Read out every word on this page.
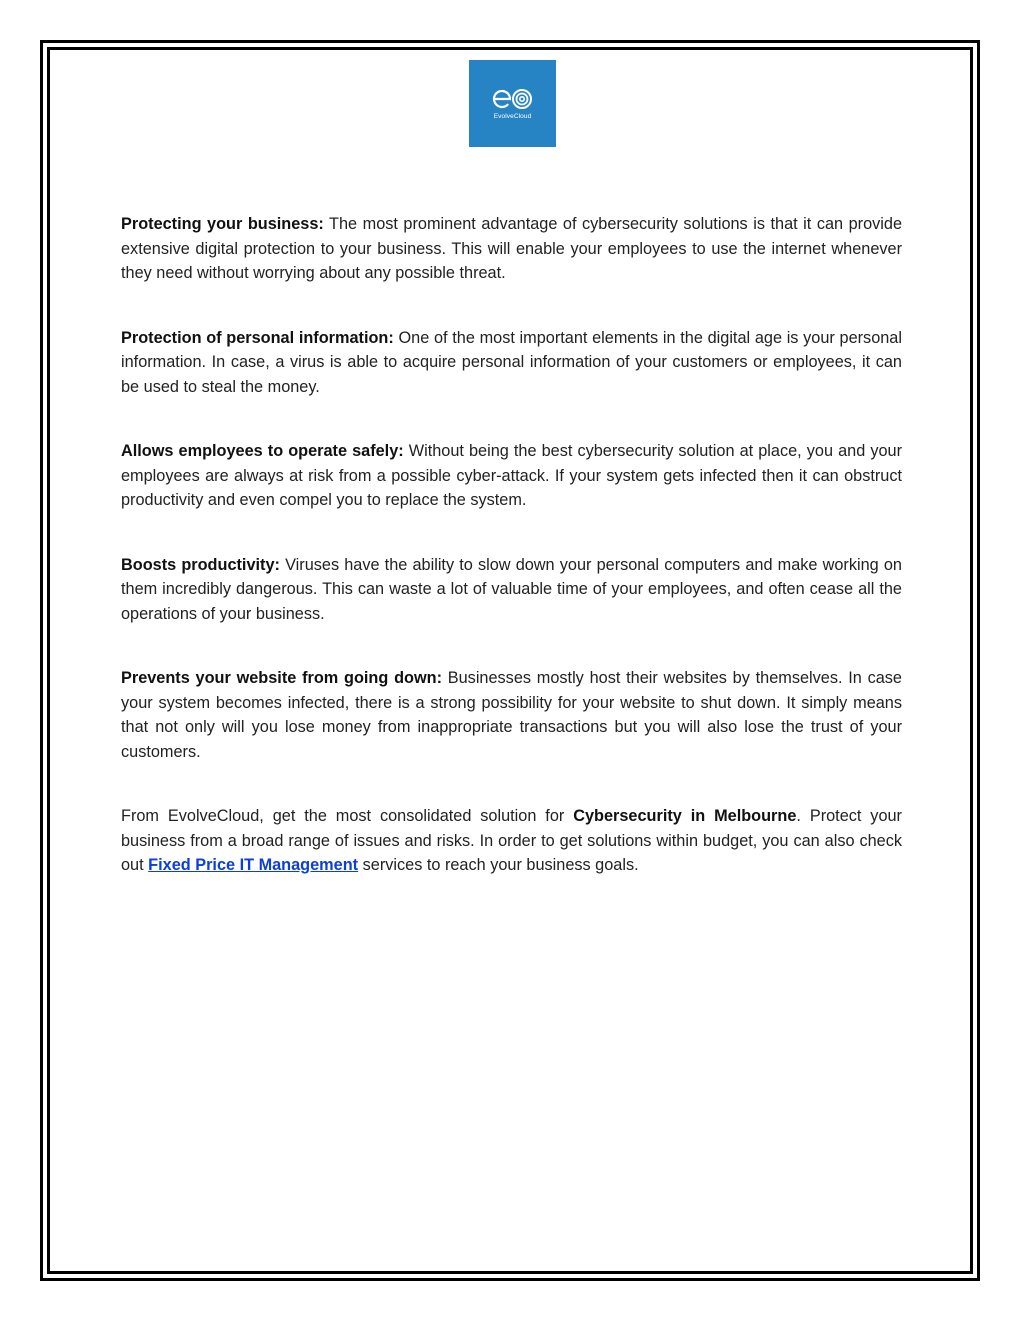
EvolveCloud

Protecting your business: The most prominent advantage of cybersecurity solutions is that it can provide extensive digital protection to your business. This will enable your employees to use the internet whenever they need without worrying about any possible threat.

Protection of personal information: One of the most important elements in the digital age is your personal information. In case, a virus is able to acquire personal information of your customers or employees, it can be used to steal the money.

Allows employees to operate safely: Without being the best cybersecurity solution at place, you and your employees are always at risk from a possible cyber-attack. If your system gets infected then it can obstruct productivity and even compel you to replace the system.

Boosts productivity: Viruses have the ability to slow down your personal computers and make working on them incredibly dangerous. This can waste a lot of valuable time of your employees, and often cease all the operations of your business.

Prevents your website from going down: Businesses mostly host their websites by themselves. In case your system becomes infected, there is a strong possibility for your website to shut down. It simply means that not only will you lose money from inappropriate transactions but you will also lose the trust of your customers.

From EvolveCloud, get the most consolidated solution for Cybersecurity in Melbourne. Protect your business from a broad range of issues and risks. In order to get solutions within budget, you can also check out Fixed Price IT Management services to reach your business goals.
